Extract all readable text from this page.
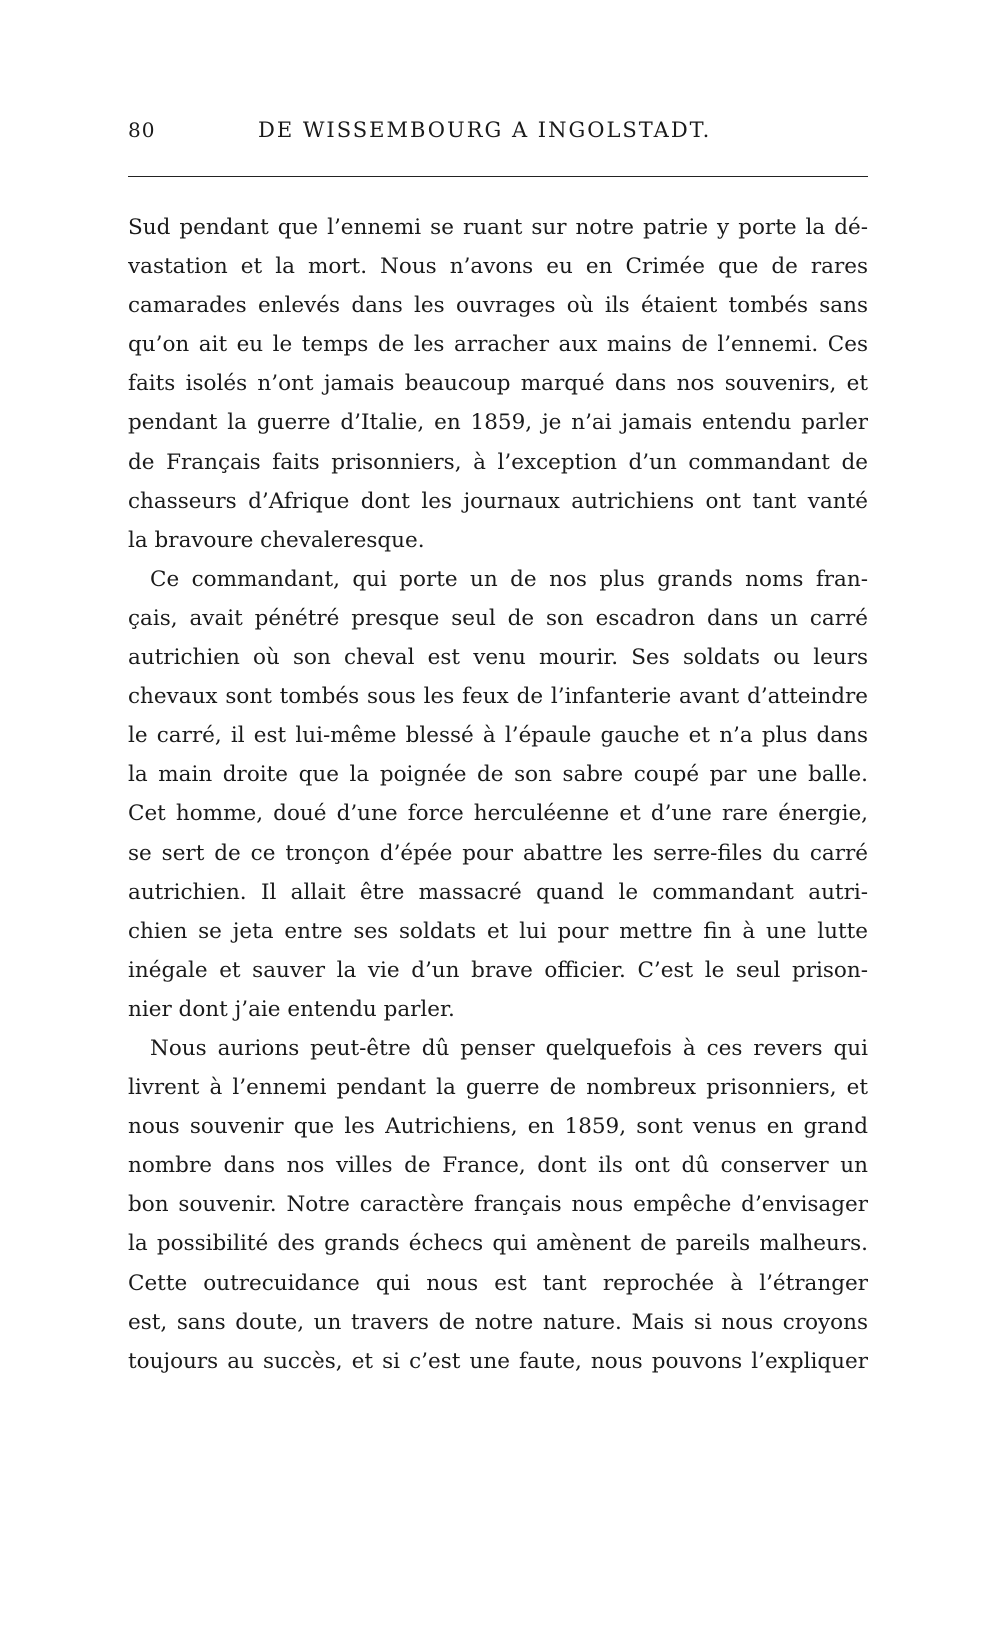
80	DE WISSEMBOURG A INGOLSTADT.
Sud pendant que l’ennemi se ruant sur notre patrie y porte la dé-
vastation et la mort. Nous n’avons eu en Crimée que de rares
camarades enlevés dans les ouvrages où ils étaient tombés sans
qu’on ait eu le temps de les arracher aux mains de l’ennemi. Ces
faits isolés n’ont jamais beaucoup marqué dans nos souvenirs, et
pendant la guerre d’Italie, en 1859, je n’ai jamais entendu parler
de Français faits prisonniers, à l’exception d’un commandant de
chasseurs d’Afrique dont les journaux autrichiens ont tant vanté
la bravoure chevaleresque.
Ce commandant, qui porte un de nos plus grands noms fran-
çais, avait pénétré presque seul de son escadron dans un carré
autrichien où son cheval est venu mourir. Ses soldats ou leurs
chevaux sont tombés sous les feux de l’infanterie avant d’atteindre
le carré, il est lui-même blessé à l’épaule gauche et n’a plus dans
la main droite que la poignée de son sabre coupé par une balle.
Cet homme, doué d’une force herculéenne et d’une rare énergie,
se sert de ce tronçon d’épée pour abattre les serre-files du carré
autrichien. Il allait être massacré quand le commandant autri-
chien se jeta entre ses soldats et lui pour mettre fin à une lutte
inégale et sauver la vie d’un brave officier. C’est le seul prison-
nier dont j’aie entendu parler.
Nous aurions peut-être dû penser quelquefois à ces revers qui
livrent à l’ennemi pendant la guerre de nombreux prisonniers, et
nous souvenir que les Autrichiens, en 1859, sont venus en grand
nombre dans nos villes de France, dont ils ont dû conserver un
bon souvenir. Notre caractère français nous empêche d’envisager
la possibilité des grands échecs qui amènent de pareils malheurs.
Cette outrecuidance qui nous est tant reprochée à l’étranger
est, sans doute, un travers de notre nature. Mais si nous croyons
toujours au succès, et si c’est une faute, nous pouvons l’expliquer
